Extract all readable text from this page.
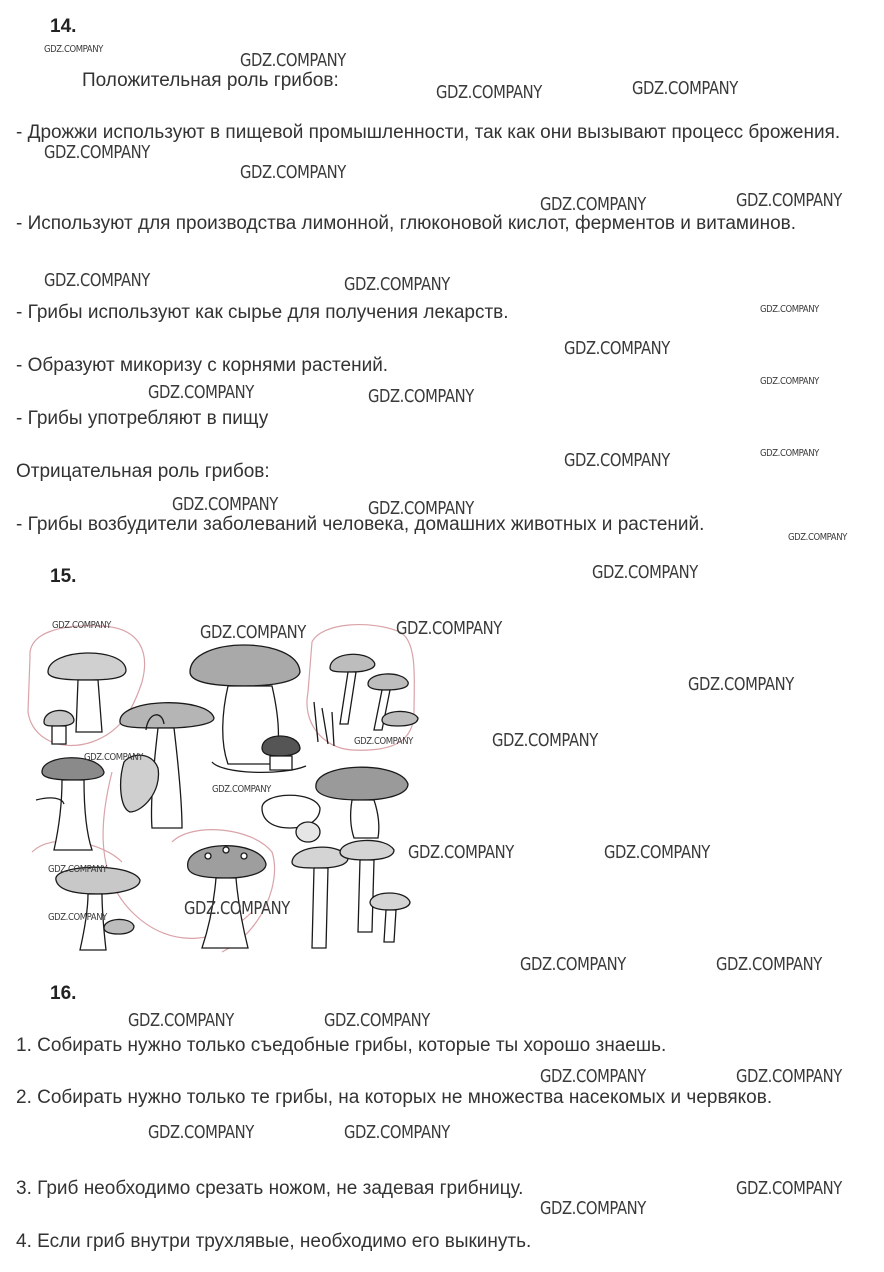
14.
Положительная роль грибов:
- Дрожжи используют в пищевой промышленности, так как они вызывают процесс брожения.
- Используют для производства лимонной, глюконовой кислот, ферментов и витаминов.
- Грибы используют как сырье для получения лекарств.
- Образуют микоризу с корнями растений.
- Грибы употребляют в пищу
Отрицательная роль грибов:
- Грибы возбудители заболеваний человека, домашних животных и растений.
15.
16.
1. Собирать нужно только съедобные грибы, которые ты хорошо знаешь.
2. Собирать нужно только те грибы, на которых не множества насекомых и червяков.
3. Гриб необходимо срезать ножом, не задевая грибницу.
4. Если гриб внутри трухлявые, необходимо его выкинуть.
GDZ.COMPANY
GDZ.COMPANY
GDZ.COMPANY	GDZ.COMPANY
GDZ.COMPANY
GDZ.COMPANY
GDZ.COMPANY	GDZ.COMPANY
GDZ.COMPANY	GDZ.COMPANY
GDZ.COMPANY
GDZ.COMPANY
GDZ.COMPANY
GDZ.COMPANY	GDZ.COMPANY
GDZ.COMPANY
GDZ.COMPANY
GDZ.COMPANY	GDZ.COMPANY
GDZ.COMPANY
GDZ.COMPANY
GDZ.COMPANY	GDZ.COMPANY	GDZ.COMPANY
GDZ.COMPANY
GDZ.COMPANY	GDZ.COMPANY
GDZ.COMPANY
GDZ.COMPANY
GDZ.COMPANY	GDZ.COMPANY
GDZ.COMPANY
GDZ.COMPANY
GDZ.COMPANY
GDZ.COMPANY	GDZ.COMPANY
GDZ.COMPANY	GDZ.COMPANY
GDZ.COMPANY	GDZ.COMPANY
GDZ.COMPANY	GDZ.COMPANY
GDZ.COMPANY
GDZ.COMPANY
